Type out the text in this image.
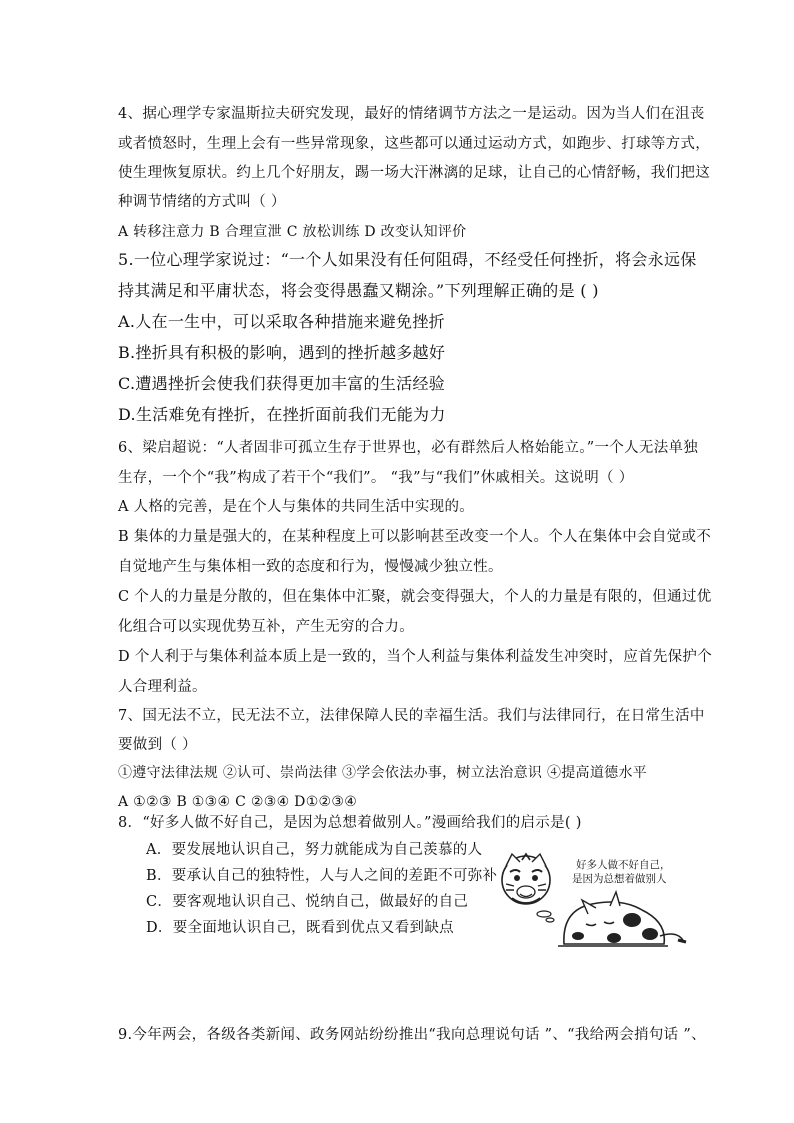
4、据心理学专家温斯拉夫研究发现，最好的情绪调节方法之一是运动。因为当人们在沮丧
或者愤怒时，生理上会有一些异常现象，这些都可以通过运动方式，如跑步、打球等方式，
使生理恢复原状。约上几个好朋友，踢一场大汗淋漓的足球，让自己的心情舒畅，我们把这
种调节情绪的方式叫（ ）
A 转移注意力 B 合理宣泄 C 放松训练 D 改变认知评价
5.一位心理学家说过：“一个人如果没有任何阻碍，不经受任何挫折，将会永远保
持其满足和平庸状态，将会变得愚蠢又糊涂。”下列理解正确的是 ( )
A.人在一生中，可以采取各种措施来避免挫折
B.挫折具有积极的影响，遇到的挫折越多越好
C.遭遇挫折会使我们获得更加丰富的生活经验
D.生活难免有挫折，在挫折面前我们无能为力
6、梁启超说：“人者固非可孤立生存于世界也，必有群然后人格始能立。”一个人无法单独
生存，一个个“我”构成了若干个“我们”。 “我”与“我们”休戚相关。这说明（ ）
A 人格的完善，是在个人与集体的共同生活中实现的。
B 集体的力量是强大的，在某种程度上可以影响甚至改变一个人。个人在集体中会自觉或不
自觉地产生与集体相一致的态度和行为，慢慢减少独立性。
C 个人的力量是分散的，但在集体中汇聚，就会变得强大，个人的力量是有限的，但通过优
化组合可以实现优势互补，产生无穷的合力。
D 个人利于与集体利益本质上是一致的，当个人利益与集体利益发生冲突时，应首先保护个
人合理利益。
7、国无法不立，民无法不立，法律保障人民的幸福生活。我们与法律同行，在日常生活中
要做到（ ）
①遵守法律法规 ②认可、崇尚法律 ③学会依法办事，树立法治意识 ④提高道德水平
A ①②③ B ①③④ C ②③④ D①②③④
8．“好多人做不好自己，是因为总想着做别人。”漫画给我们的启示是( )
A．要发展地认识自己，努力就能成为自己羡慕的人
B．要承认自己的独特性，人与人之间的差距不可弥补
C．要客观地认识自己、悦纳自己，做最好的自己
D．要全面地认识自己，既看到优点又看到缺点
好多人做不好自己，
是因为总想着做别人
9.今年两会，各级各类新闻、政务网站纷纷推出“我向总理说句话 ”、“我给两会捎句话 ”、
